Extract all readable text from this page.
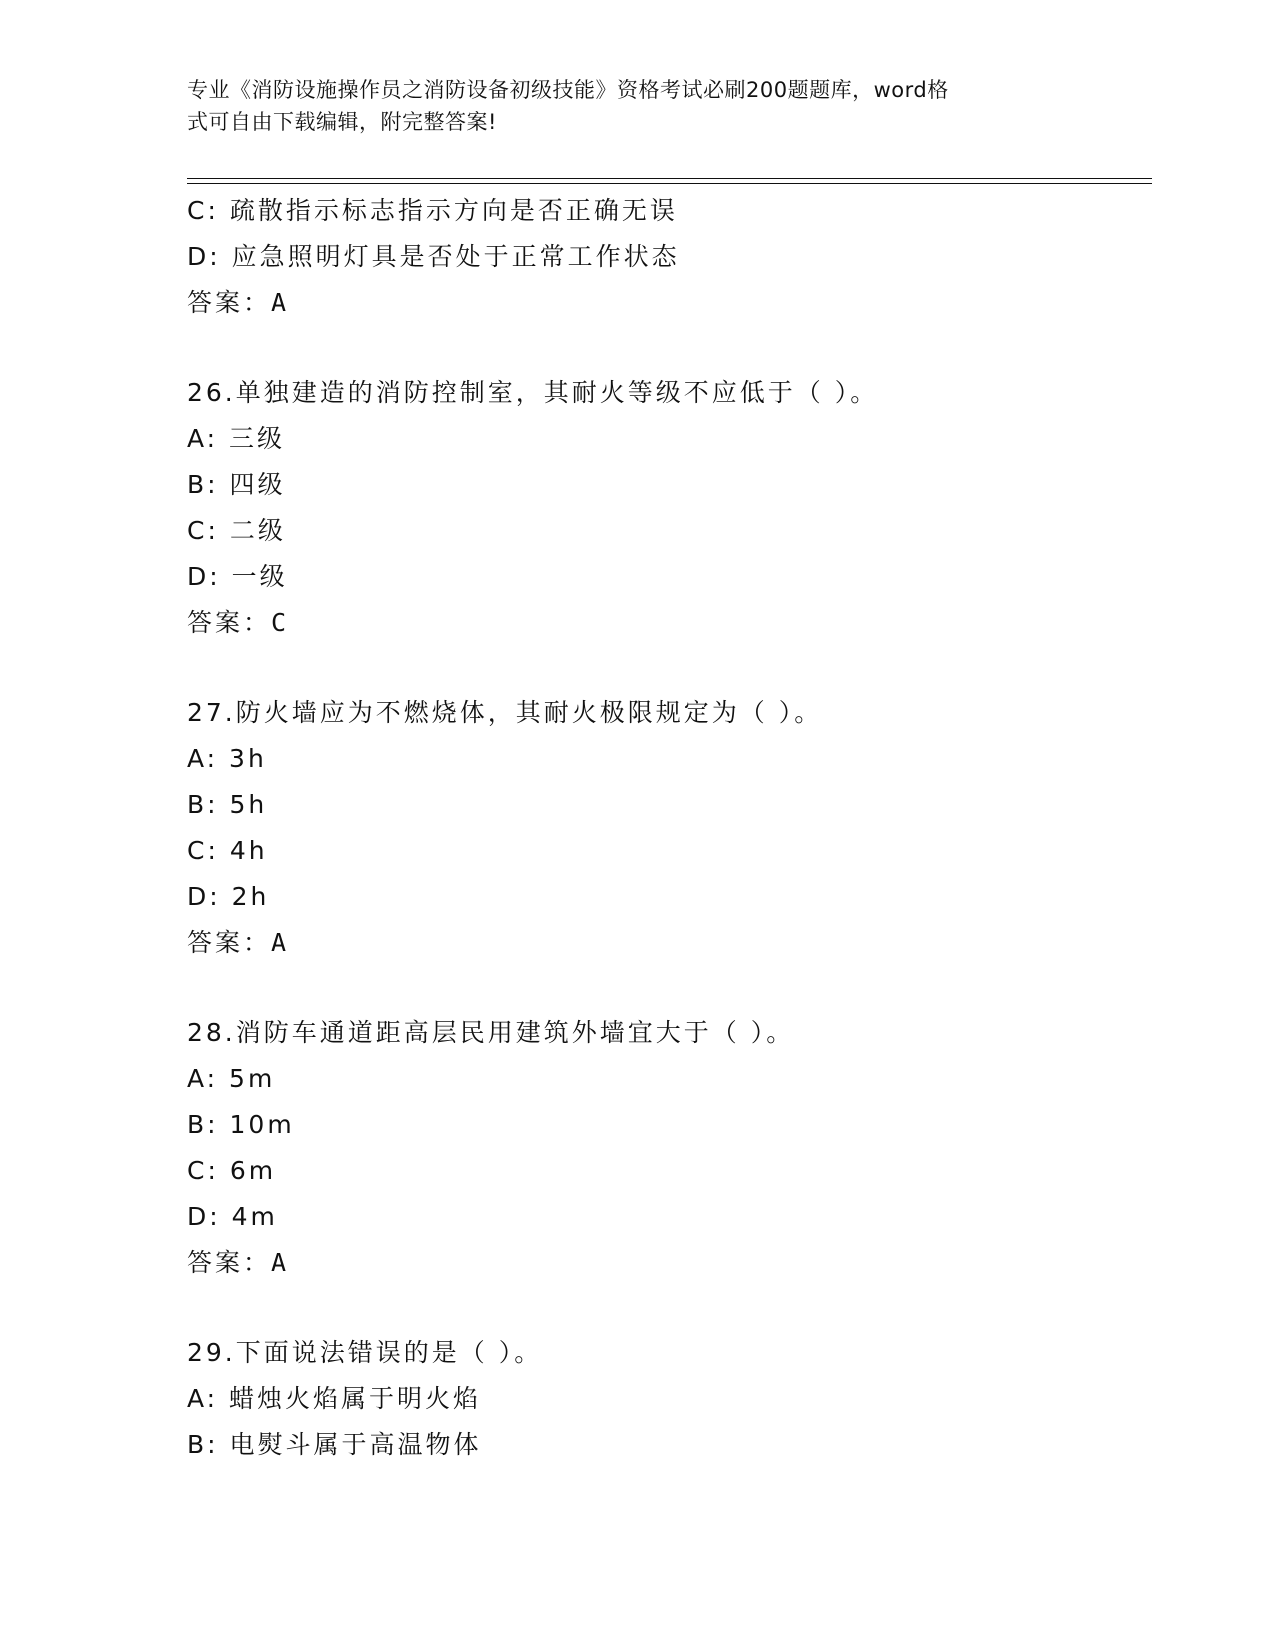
专业《消防设施操作员之消防设备初级技能》资格考试必刷200题题库，word格
式可自由下载编辑，附完整答案!
C: 疏散指示标志指示方向是否正确无误
D: 应急照明灯具是否处于正常工作状态
答案：A
26.单独建造的消防控制室，其耐火等级不应低于（ ）。
A: 三级
B: 四级
C: 二级
D: 一级
答案：C
27.防火墙应为不燃烧体，其耐火极限规定为（ ）。
A: 3h
B: 5h
C: 4h
D: 2h
答案：A
28.消防车通道距高层民用建筑外墙宜大于（ ）。
A: 5m
B: 10m
C: 6m
D: 4m
答案：A
29.下面说法错误的是（ ）。
A: 蜡烛火焰属于明火焰
B: 电熨斗属于高温物体
